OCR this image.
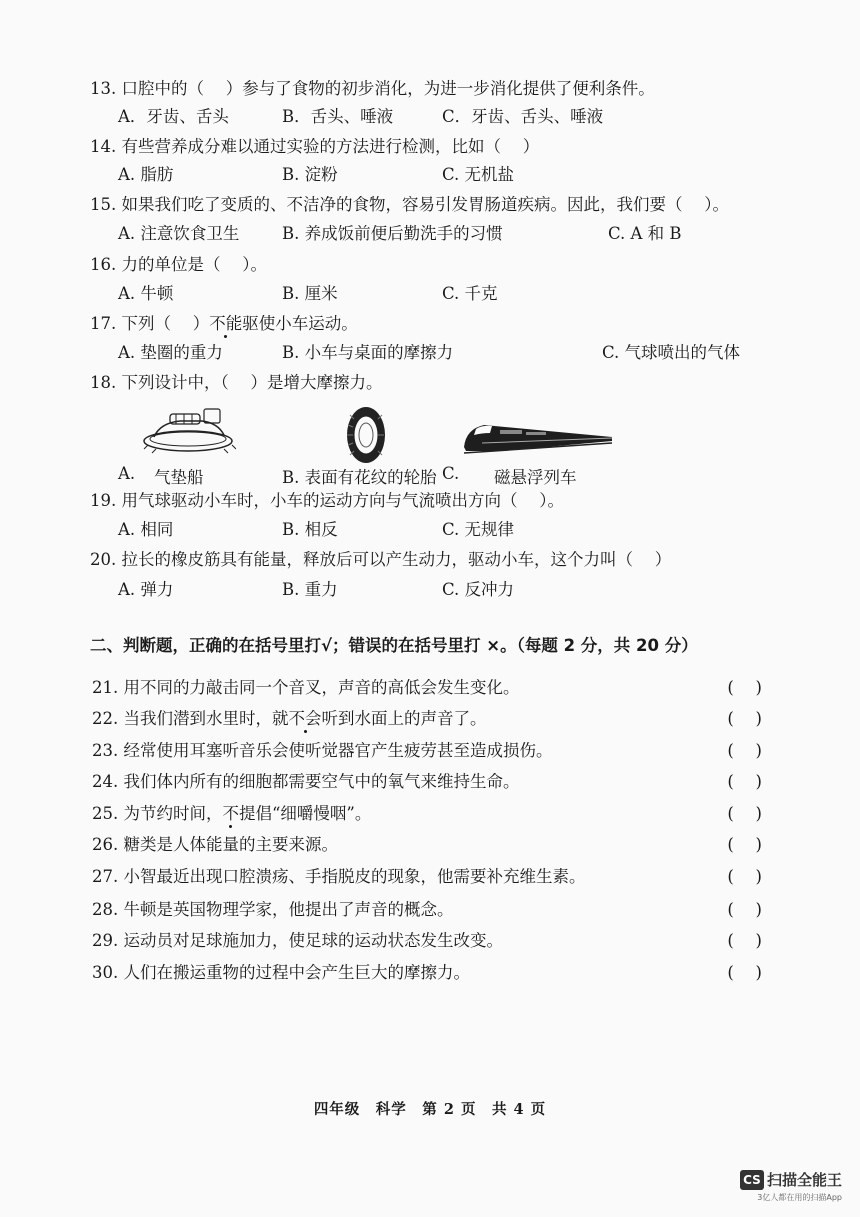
13. 口腔中的（　 ）参与了食物的初步消化，为进一步消化提供了便利条件。
A．牙齿、舌头	B．舌头、唾液	C．牙齿、舌头、唾液
14. 有些营养成分难以通过实验的方法进行检测，比如（　 ）
A. 脂肪	B. 淀粉	C. 无机盐
15. 如果我们吃了变质的、不洁净的食物，容易引发胃肠道疾病。因此，我们要（　 ）。
A. 注意饮食卫生	B. 养成饭前便后勤洗手的习惯	C. A 和 B
16. 力的单位是（　 ）。
A. 牛顿	B. 厘米	C. 千克
17. 下列（　 ）不能驱使小车运动。
A. 垫圈的重力	B. 小车与桌面的摩擦力	C. 气球喷出的气体
18. 下列设计中，（　 ）是增大摩擦力。
A. 气垫船	B. 表面有花纹的轮胎 C. 磁悬浮列车
19. 用气球驱动小车时，小车的运动方向与气流喷出方向（　 ）。
A. 相同	B. 相反	C. 无规律
20. 拉长的橡皮筋具有能量，释放后可以产生动力，驱动小车，这个力叫（　 ）
A. 弹力	B. 重力	C. 反冲力
二、判断题，正确的在括号里打√；错误的在括号里打 ×。（每题 2 分，共 20 分）
21. 用不同的力敲击同一个音叉，声音的高低会发生变化。	(　 )
22. 当我们潜到水里时，就不会听到水面上的声音了。	(　 )
23. 经常使用耳塞听音乐会使听觉器官产生疲劳甚至造成损伤。	(　 )
24. 我们体内所有的细胞都需要空气中的氧气来维持生命。	(　 )
25. 为节约时间，不提倡“细嚼慢咽”。	(　 )
26. 糖类是人体能量的主要来源。	(　 )
27. 小智最近出现口腔溃疡、手指脱皮的现象，他需要补充维生素。	(　 )
28. 牛顿是英国物理学家，他提出了声音的概念。	(　 )
29. 运动员对足球施加力，使足球的运动状态发生改变。	(　 )
30. 人们在搬运重物的过程中会产生巨大的摩擦力。	(　 )
四年级　科学　第 2 页　共 4 页
CS 扫描全能王
3亿人都在用的扫描App
